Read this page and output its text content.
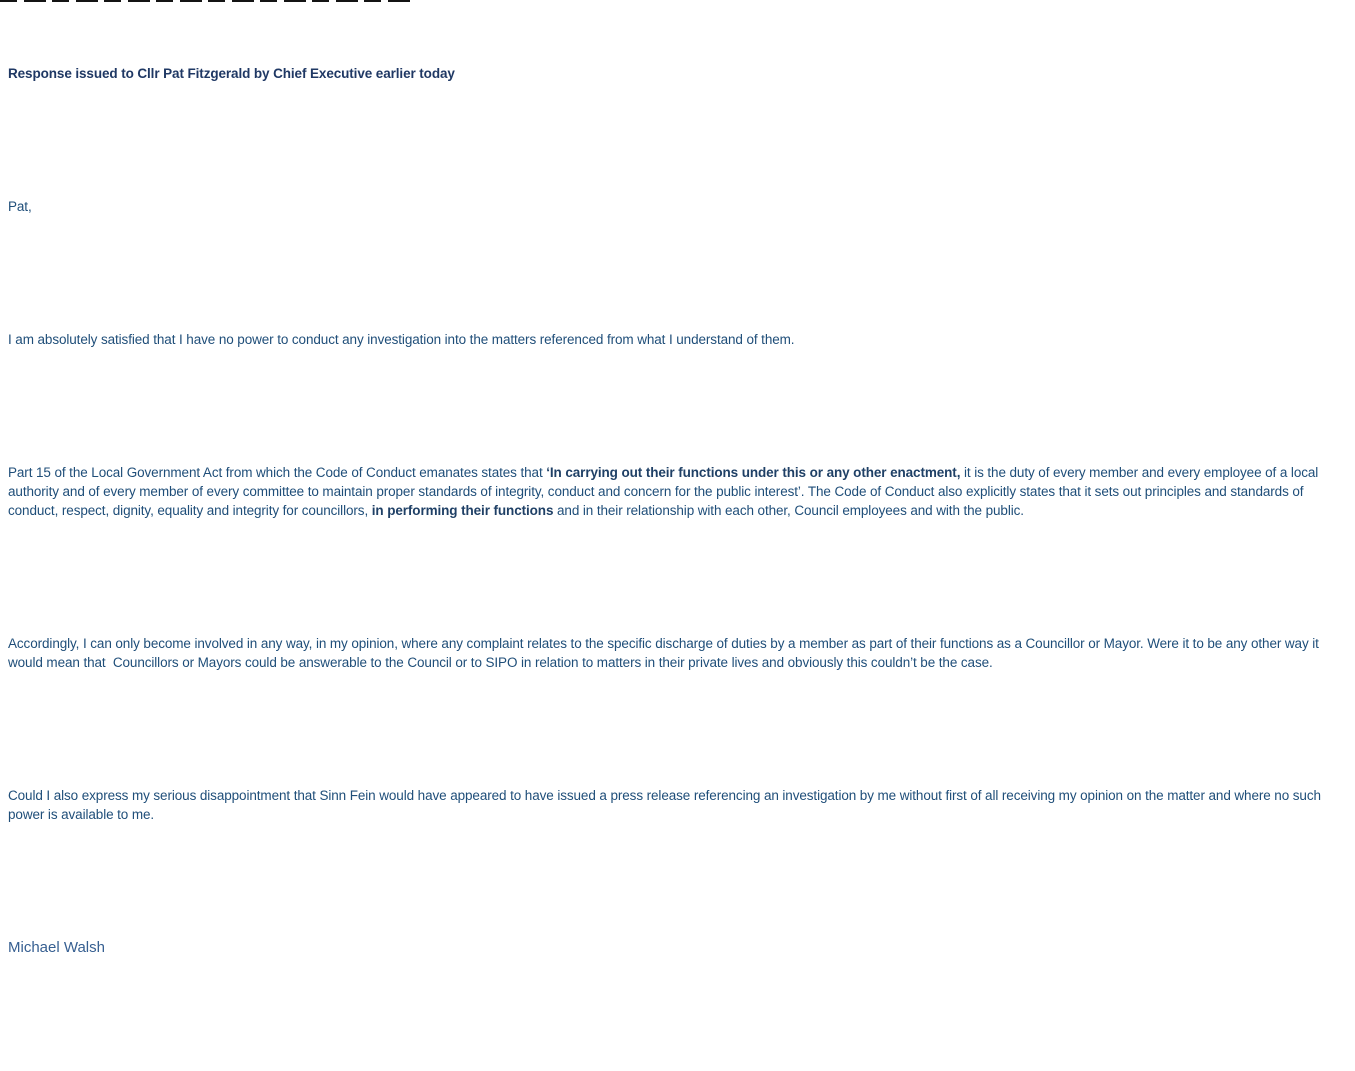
Response issued to Cllr Pat Fitzgerald by Chief Executive earlier today

Pat,

I am absolutely satisfied that I have no power to conduct any investigation into the matters referenced from what I understand of them.

Part 15 of the Local Government Act from which the Code of Conduct emanates states that ‘In carrying out their functions under this or any other enactment, it is the duty of every member and every employee of a local authority and of every member of every committee to maintain proper standards of integrity, conduct and concern for the public interest’. The Code of Conduct also explicitly states that it sets out principles and standards of conduct, respect, dignity, equality and integrity for councillors, in performing their functions and in their relationship with each other, Council employees and with the public.

Accordingly, I can only become involved in any way, in my opinion, where any complaint relates to the specific discharge of duties by a member as part of their functions as a Councillor or Mayor. Were it to be any other way it would mean that  Councillors or Mayors could be answerable to the Council or to SIPO in relation to matters in their private lives and obviously this couldn’t be the case.

Could I also express my serious disappointment that Sinn Fein would have appeared to have issued a press release referencing an investigation by me without first of all receiving my opinion on the matter and where no such power is available to me.

Michael Walsh
